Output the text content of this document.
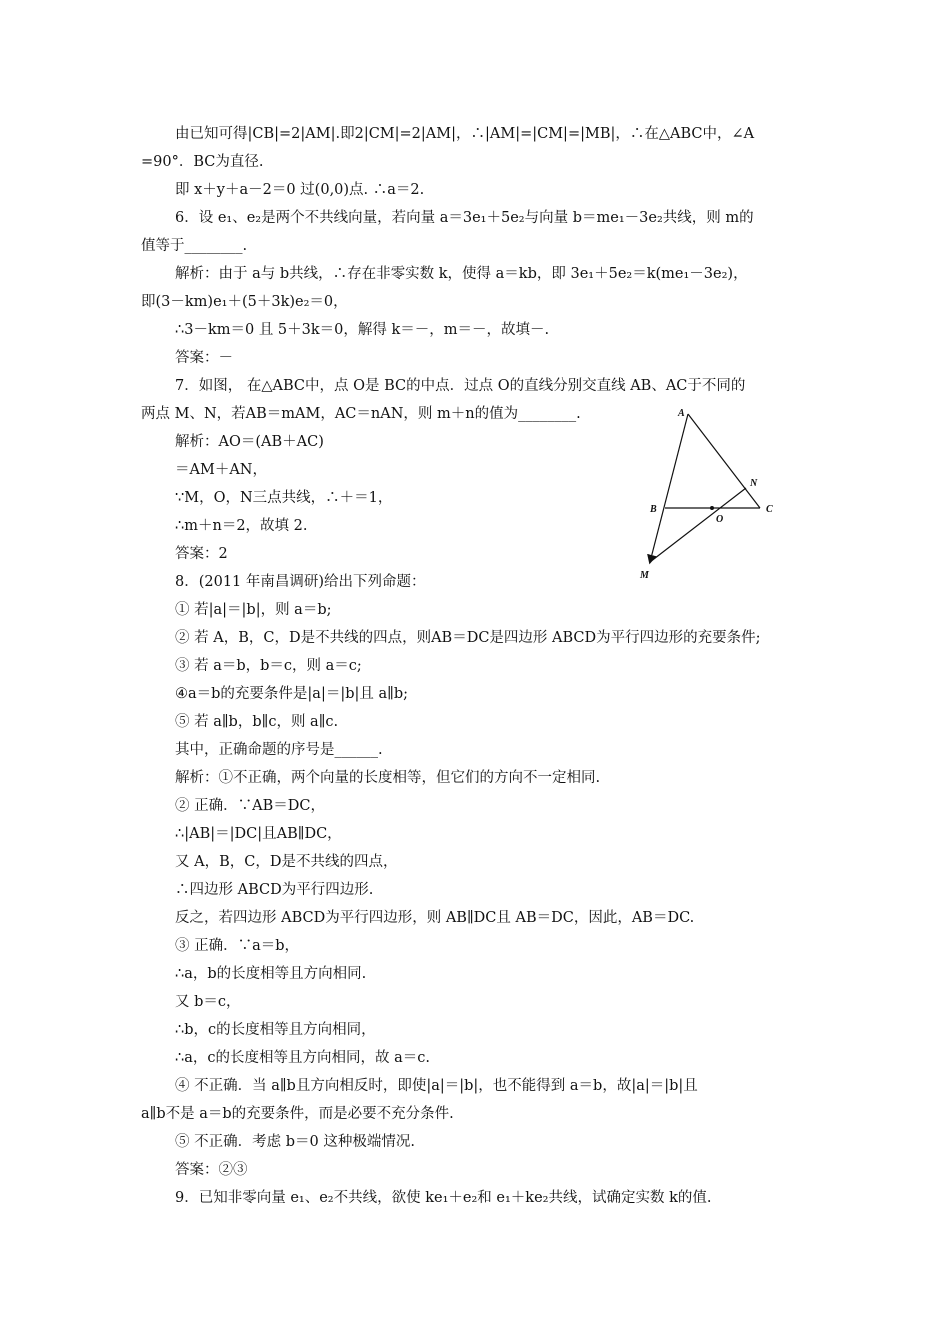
由已知可得|CB|=2|AM|.即2|CM|=2|AM|，∴|AM|=|CM|=|MB|，∴在△ABC中，∠A
=90°．BC为直径.
即 x＋y＋a－2＝0 过(0,0)点. ∴a＝2.
6．设 e₁、e₂是两个不共线向量，若向量 a＝3e₁＋5e₂与向量 b＝me₁－3e₂共线，则 m的
值等于________.
解析：由于 a与 b共线，∴存在非零实数 k，使得 a＝kb，即 3e₁＋5e₂＝k(me₁－3e₂)，
即(3－km)e₁＋(5＋3k)e₂＝0，
∴3－km＝0 且 5＋3k＝0，解得 k＝－，m＝－，故填－.
答案：－
7．如图， 在△ABC中，点 O是 BC的中点．过点 O的直线分别交直线 AB、AC于不同的
两点 M、N，若AB＝mAM，AC＝nAN，则 m＋n的值为________.
解析：AO＝(AB＋AC)
＝AM＋AN，
∵M，O，N三点共线，∴＋＝1，
∴m＋n＝2，故填 2.
答案：2
8．(2011 年南昌调研)给出下列命题：
① 若|a|＝|b|，则 a＝b;
② 若 A，B，C，D是不共线的四点，则AB＝DC是四边形 ABCD为平行四边形的充要条件;
③ 若 a＝b，b＝c，则 a＝c;
④a＝b的充要条件是|a|＝|b|且 a∥b;
⑤ 若 a∥b，b∥c，则 a∥c.
其中，正确命题的序号是______.
解析：①不正确，两个向量的长度相等，但它们的方向不一定相同.
② 正确．∵AB＝DC，
∴|AB|＝|DC|且AB∥DC，
又 A，B，C，D是不共线的四点，
∴四边形 ABCD为平行四边形.
反之，若四边形 ABCD为平行四边形，则 AB∥DC且 AB＝DC，因此，AB＝DC.
③ 正确．∵a＝b，
∴a，b的长度相等且方向相同.
又 b＝c，
∴b，c的长度相等且方向相同，
∴a，c的长度相等且方向相同，故 a＝c.
④ 不正确．当 a∥b且方向相反时，即使|a|＝|b|，也不能得到 a＝b，故|a|＝|b|且
a∥b不是 a＝b的充要条件，而是必要不充分条件.
⑤ 不正确．考虑 b＝0 这种极端情况.
答案：②③
9．已知非零向量 e₁、e₂不共线，欲使 ke₁＋e₂和 e₁＋ke₂共线，试确定实数 k的值.
A
B	C
N
O
M
